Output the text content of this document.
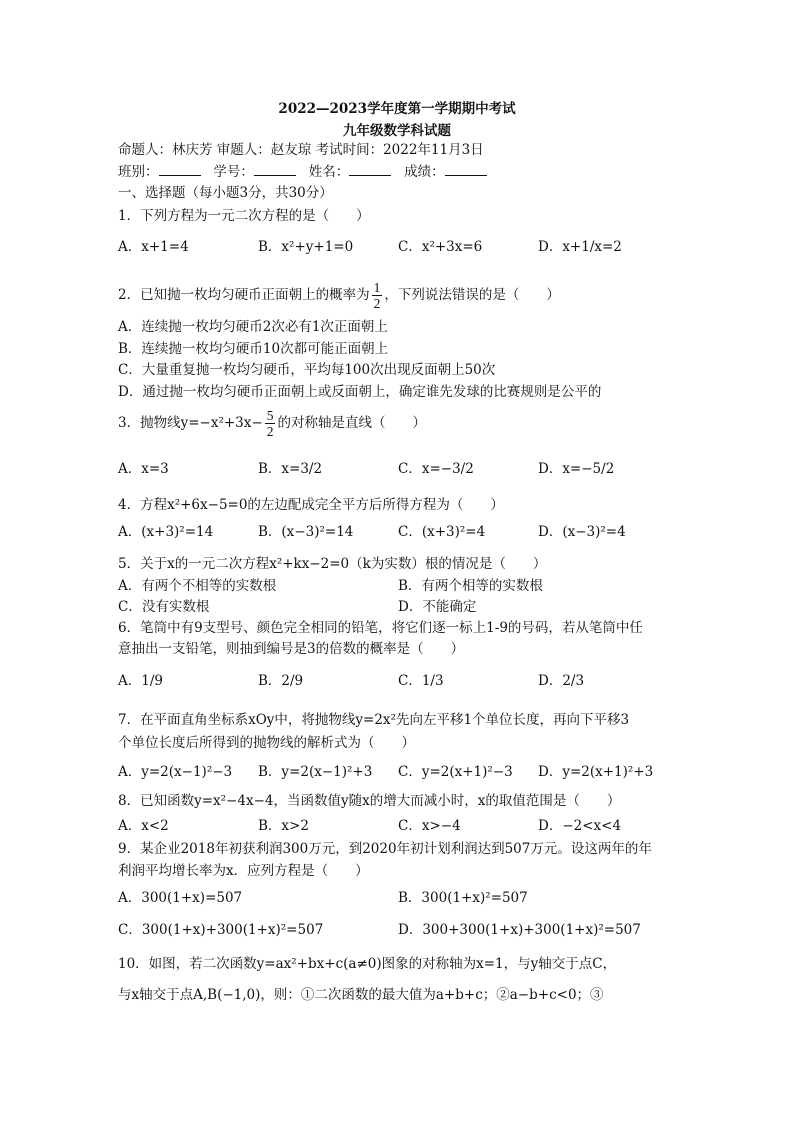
2022—2023学年度第一学期期中考试
九年级数学科试题
命题人：林庆芳 审题人：赵友琼 考试时间：2022年11月3日
班别：	学号：	姓名：	成绩：
一、选择题（每小题3分，共30分）
1．下列方程为一元二次方程的是（　　）
A．x+1=4	B．x²+y+1=0	C．x²+3x=6	D．x+1/x=2
2．已知抛一枚均匀硬币正面朝上的概率为 $\frac{1}{2}$ ，下列说法错误的是（　　）
A．连续抛一枚均匀硬币2次必有1次正面朝上
B．连续抛一枚均匀硬币10次都可能正面朝上
C．大量重复抛一枚均匀硬币，平均每100次出现反面朝上50次
D．通过抛一枚均匀硬币正面朝上或反面朝上，确定谁先发球的比赛规则是公平的
3．抛物线$y=-x^2+3x- \frac{5}{2}$ 的对称轴是直线（　　）
A．x=3	B．x=3/2	C．x=−3/2	D．x=−5/2
4．方程x²+6x−5=0的左边配成完全平方后所得方程为（　　）
A．(x+3)²=14	B．(x−3)²=14	C．(x+3)²=4	D．(x−3)²=4
5．关于x的一元二次方程x²+kx−2=0（k为实数）根的情况是（　　）
A．有两个不相等的实数根	B．有两个相等的实数根
C．没有实数根	D．不能确定
6．笔筒中有9支型号、颜色完全相同的铅笔，将它们逐一标上1-9的号码，若从笔筒中任
意抽出一支铅笔，则抽到编号是3的倍数的概率是（　　）
A．1/9	B．2/9	C．1/3	D．2/3
7．在平面直角坐标系xOy中，将抛物线y=2x²先向左平移1个单位长度，再向下平移3
个单位长度后所得到的抛物线的解析式为（　　）
A．y=2(x−1)²−3 B．y=2(x−1)²+3 C．y=2(x+1)²−3 D．y=2(x+1)²+3
8．已知函数y=x²−4x−4，当函数值y随x的增大而减小时，x的取值范围是（　　）
A．x<2	B．x>2	C．x>−4	D．−2<x<4
9．某企业2018年初获利润300万元，到2020年初计划利润达到507万元。设这两年的年
利润平均增长率为x．应列方程是（　　）
A．300(1+x)=507	B．300(1+x)²=507
C．300(1+x)+300(1+x)²=507	D．300+300(1+x)+300(1+x)²=507
10．如图，若二次函数y=ax²+bx+c(a≠0)图象的对称轴为x=1，与y轴交于点C，
与x轴交于点A,B(−1,0)，则：①二次函数的最大值为a+b+c；②a−b+c<0；③
